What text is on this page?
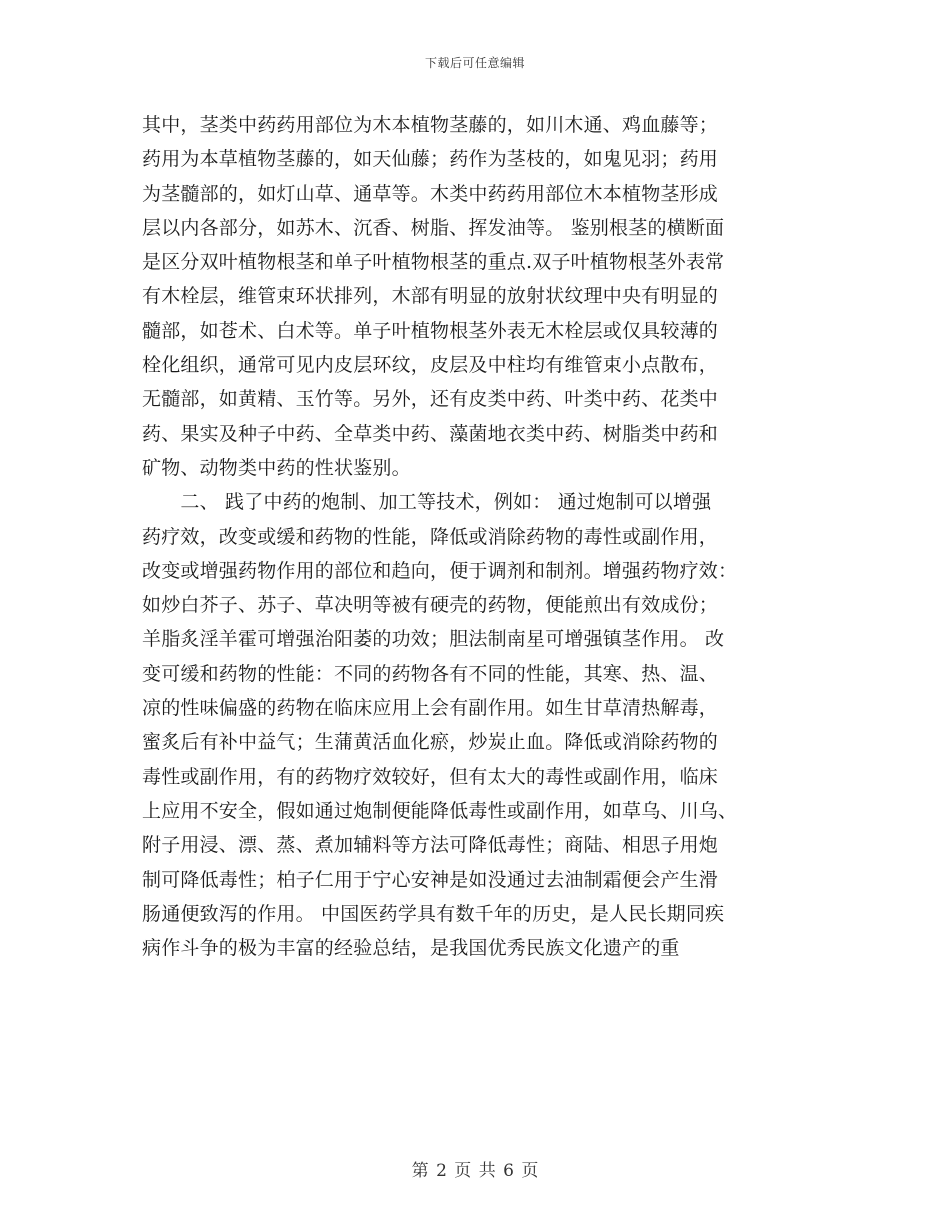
下载后可任意编辑
其中，茎类中药药用部位为木本植物茎藤的，如川木通、鸡血藤等；
药用为本草植物茎藤的，如天仙藤；药作为茎枝的，如鬼见羽；药用
为茎髓部的，如灯山草、通草等。木类中药药用部位木本植物茎形成
层以内各部分，如苏木、沉香、树脂、挥发油等。 鉴别根茎的横断面
是区分双叶植物根茎和单子叶植物根茎的重点.双子叶植物根茎外表常
有木栓层，维管束环状排列，木部有明显的放射状纹理中央有明显的
髓部，如苍术、白术等。单子叶植物根茎外表无木栓层或仅具较薄的
栓化组织，通常可见内皮层环纹，皮层及中柱均有维管束小点散布，
无髓部，如黄精、玉竹等。另外，还有皮类中药、叶类中药、花类中
药、果实及种子中药、全草类中药、藻菌地衣类中药、树脂类中药和
矿物、动物类中药的性状鉴别。
　　二、 践了中药的炮制、加工等技术，例如： 通过炮制可以增强
药疗效，改变或缓和药物的性能，降低或消除药物的毒性或副作用，
改变或增强药物作用的部位和趋向，便于调剂和制剂。增强药物疗效：
如炒白芥子、苏子、草决明等被有硬壳的药物，便能煎出有效成份；
羊脂炙淫羊霍可增强治阳萎的功效；胆法制南星可增强镇茎作用。 改
变可缓和药物的性能：不同的药物各有不同的性能，其寒、热、温、
凉的性味偏盛的药物在临床应用上会有副作用。如生甘草清热解毒，
蜜炙后有补中益气；生蒲黄活血化瘀，炒炭止血。降低或消除药物的
毒性或副作用，有的药物疗效较好，但有太大的毒性或副作用，临床
上应用不安全，假如通过炮制便能降低毒性或副作用，如草乌、川乌、
附子用浸、漂、蒸、煮加辅料等方法可降低毒性；商陆、相思子用炮
制可降低毒性；柏子仁用于宁心安神是如没通过去油制霜便会产生滑
肠通便致泻的作用。 中国医药学具有数千年的历史，是人民长期同疾
病作斗争的极为丰富的经验总结，是我国优秀民族文化遗产的重
第 2 页 共 6 页
